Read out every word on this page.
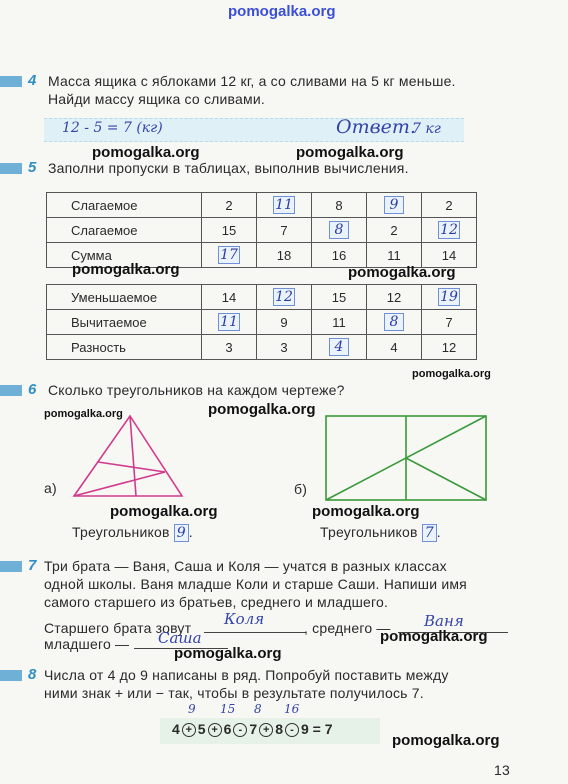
pomogalka.org
4 Масса ящика с яблоками 12 кг, а со сливами на 5 кг меньше.
Найди массу ящика со сливами.
12 - 5 = 7 (кг)	Ответ.
7 кг
pomogalka.org	pomogalka.org
5 Заполни пропуски в таблицах, выполнив вычисления.
Слагаемое	2	11	8	9	2
Слагаемое	15	7	8	2	12
Сумма	17	18	16	11	14
pomogalka.org	pomogalka.org
Уменьшаемое	14	12	15	12	19
Вычитаемое	11	9	11	8	7
Разность	3	3	4	4	12
pomogalka.org
6 Сколько треугольников на каждом чертеже?
pomogalka.org	pomogalka.org
а)	б)
pomogalka.org	pomogalka.org
Треугольников 9 .	Треугольников 7 .
7 Три брата — Ваня, Саша и Коля — учатся в разных классах
одной школы. Ваня младше Коли и старше Саши. Напиши имя
самого старшего из братьев, среднего и младшего.
Старшего брата зовут Коля	, среднего — Ваня
младшего — Саша	pomogalka.org
pomogalka.org
8 Числа от 4 до 9 написаны в ряд. Попробуй поставить между
ними знак + или − так, чтобы в результате получилось 7.
9 15 8 16
4 + 5 + 6 - 7 + 8 - 9 = 7
pomogalka.org
13
